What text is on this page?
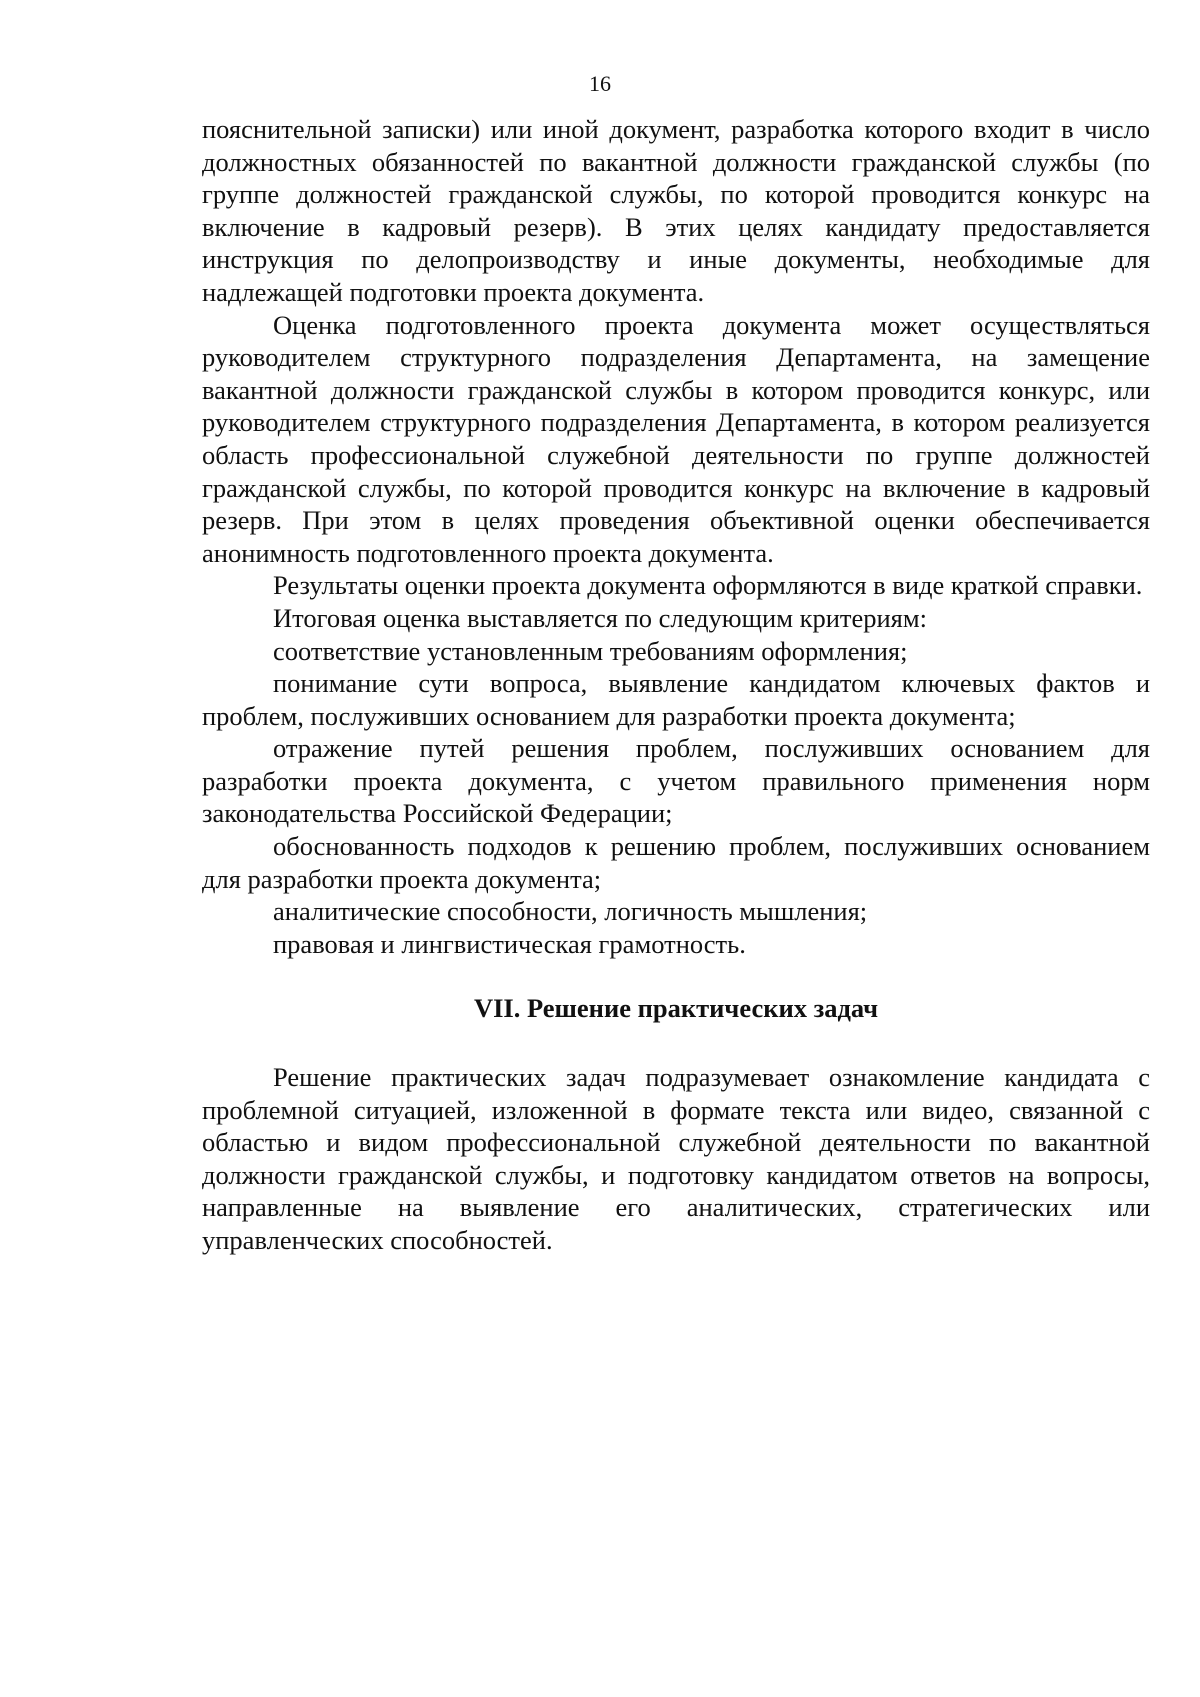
16

пояснительной записки) или иной документ, разработка которого входит в число должностных обязанностей по вакантной должности гражданской службы (по группе должностей гражданской службы, по которой проводится конкурс на включение в кадровый резерв). В этих целях кандидату предоставляется инструкция по делопроизводству и иные документы, необходимые для надлежащей подготовки проекта документа.

Оценка подготовленного проекта документа может осуществляться руководителем структурного подразделения Департамента, на замещение вакантной должности гражданской службы в котором проводится конкурс, или руководителем структурного подразделения Департамента, в котором реализуется область профессиональной служебной деятельности по группе должностей гражданской службы, по которой проводится конкурс на включение в кадровый резерв. При этом в целях проведения объективной оценки обеспечивается анонимность подготовленного проекта документа.

Результаты оценки проекта документа оформляются в виде краткой справки.

Итоговая оценка выставляется по следующим критериям:

соответствие установленным требованиям оформления;

понимание сути вопроса, выявление кандидатом ключевых фактов и проблем, послуживших основанием для разработки проекта документа;

отражение путей решения проблем, послуживших основанием для разработки проекта документа, с учетом правильного применения норм законодательства Российской Федерации;

обоснованность подходов к решению проблем, послуживших основанием для разработки проекта документа;

аналитические способности, логичность мышления;

правовая и лингвистическая грамотность.

VII. Решение практических задач

Решение практических задач подразумевает ознакомление кандидата с проблемной ситуацией, изложенной в формате текста или видео, связанной с областью и видом профессиональной служебной деятельности по вакантной должности гражданской службы, и подготовку кандидатом ответов на вопросы, направленные на выявление его аналитических, стратегических или управленческих способностей.
